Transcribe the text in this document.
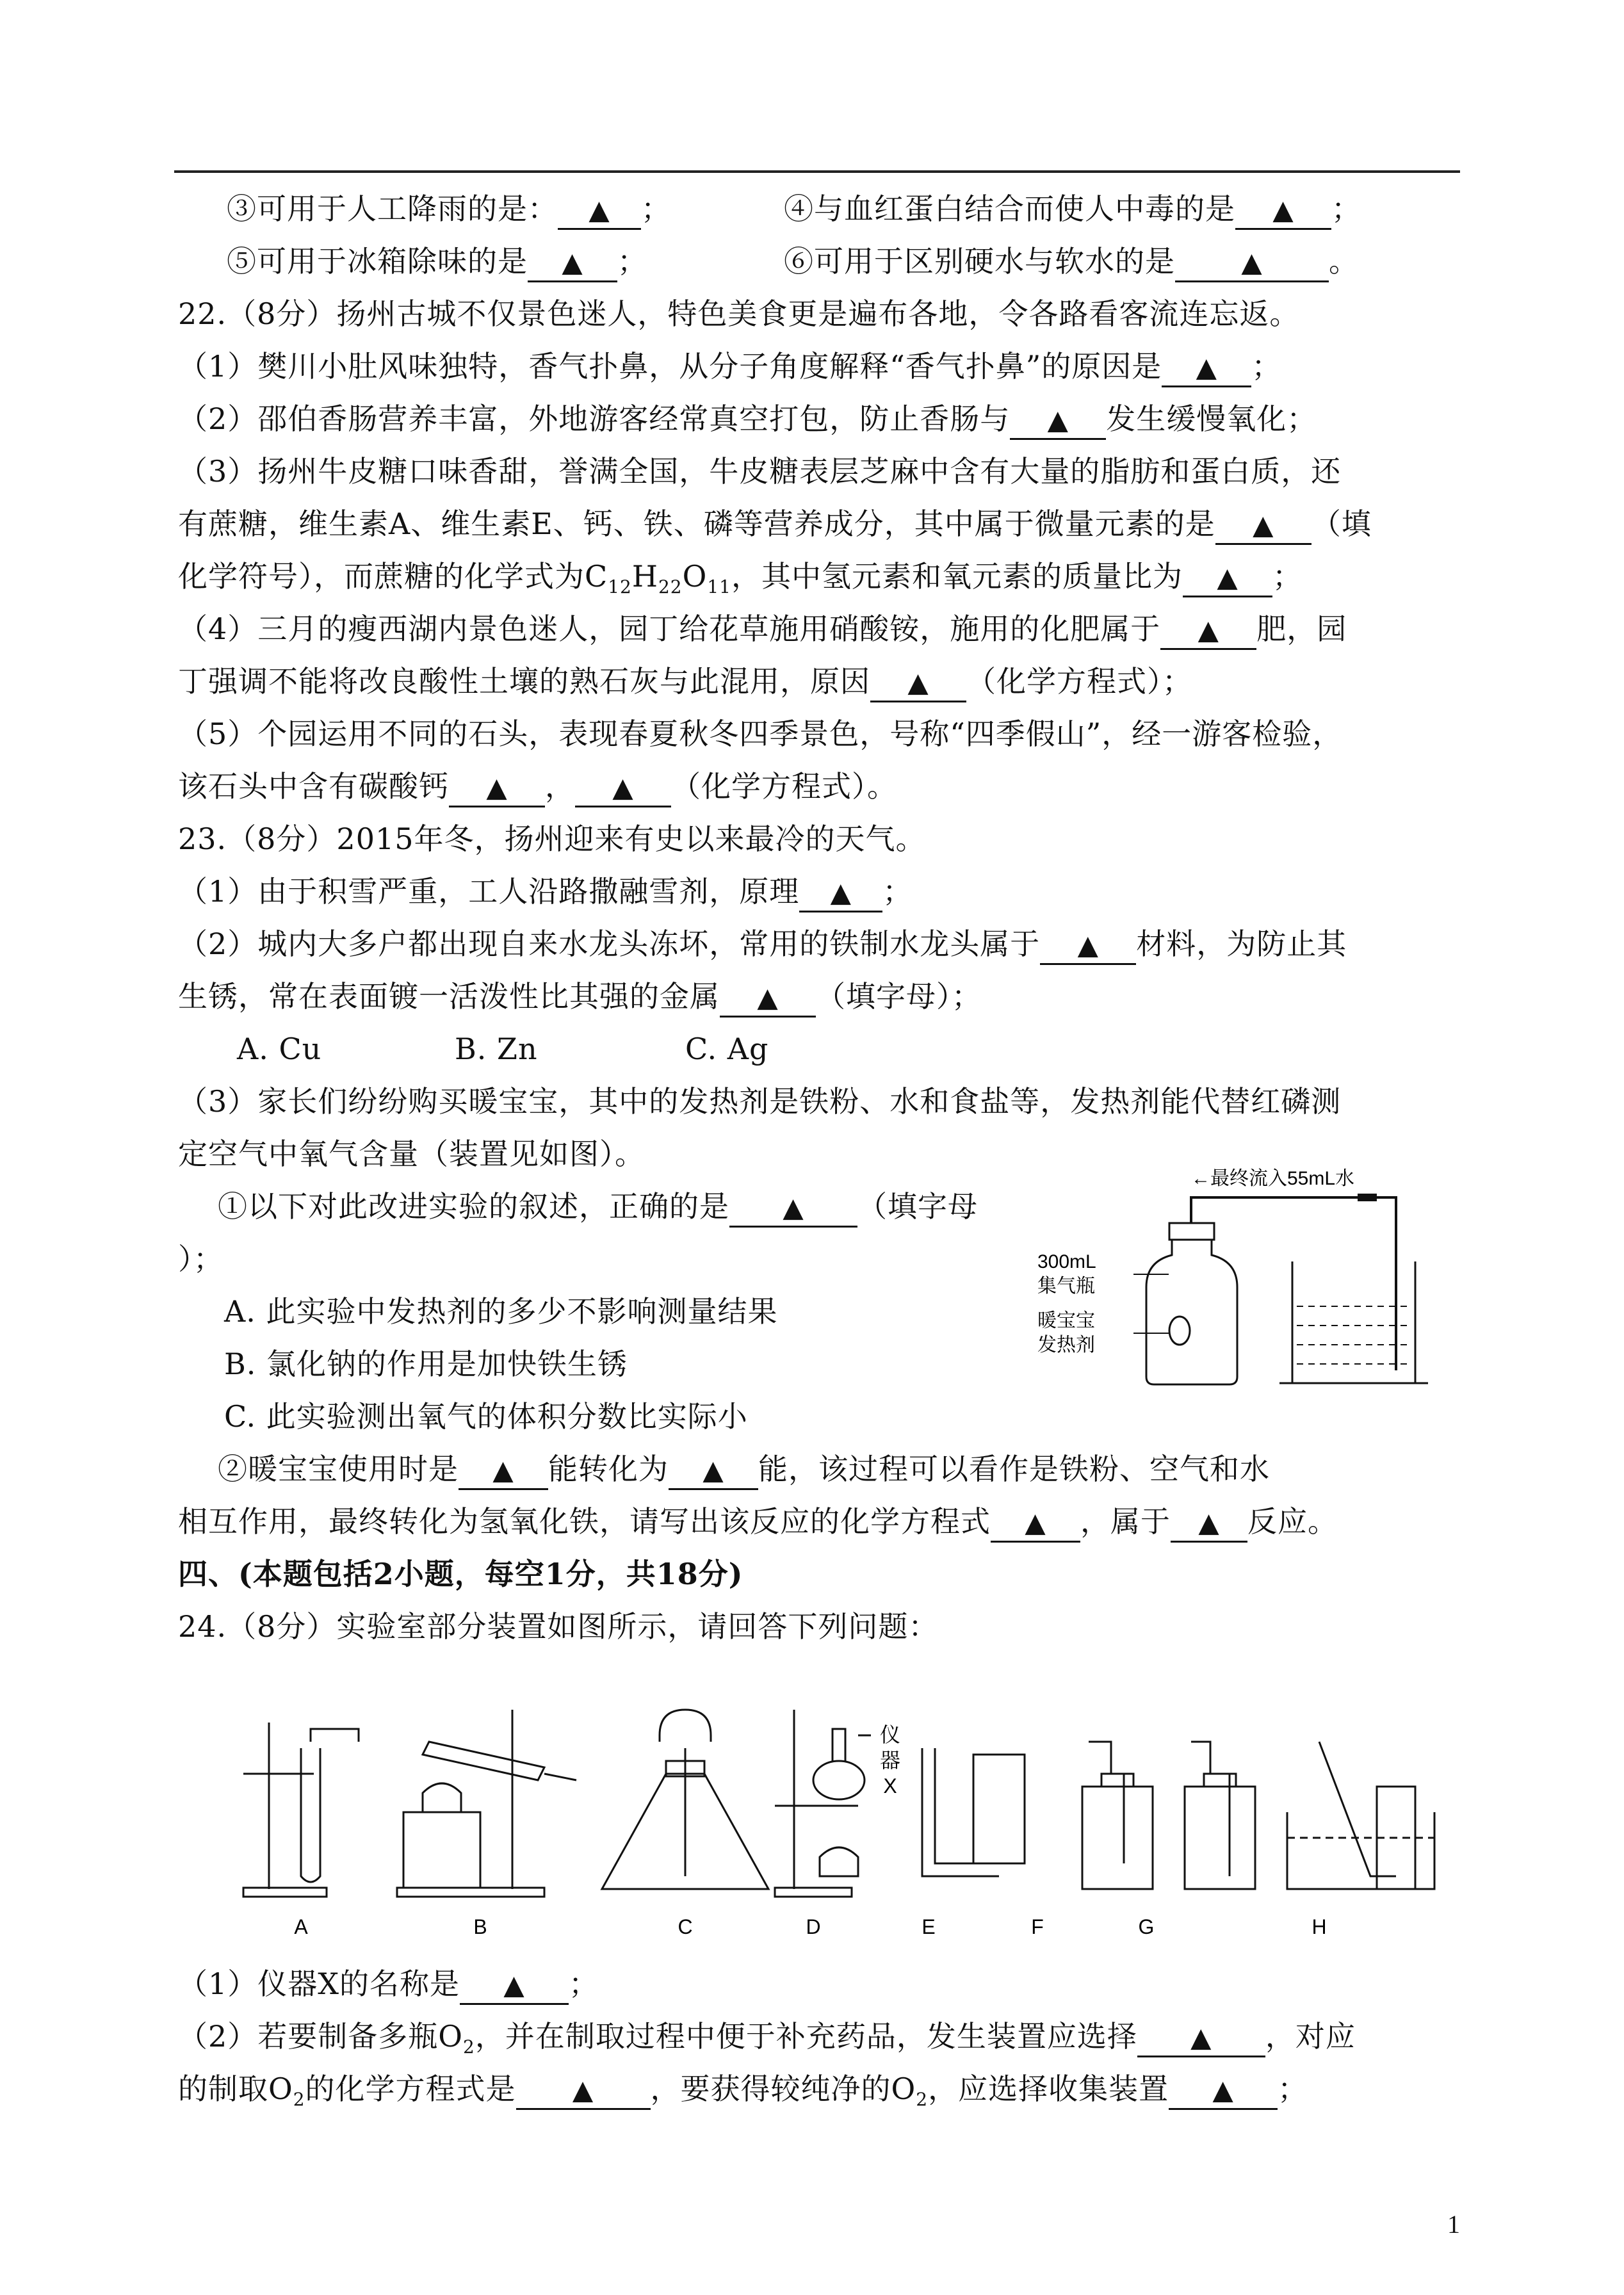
③可用于人工降雨的是： ▲ ；	④与血红蛋白结合而使人中毒的是 ▲ ；
⑤可用于冰箱除味的是 ▲ ；	⑥可用于区别硬水与软水的是 ▲ 。
22.（8分）扬州古城不仅景色迷人，特色美食更是遍布各地，令各路看客流连忘返。
（1）樊川小肚风味独特，香气扑鼻，从分子角度解释“香气扑鼻”的原因是 ▲ ；
（2）邵伯香肠营养丰富，外地游客经常真空打包，防止香肠与 ▲ 发生缓慢氧化；
（3）扬州牛皮糖口味香甜，誉满全国，牛皮糖表层芝麻中含有大量的脂肪和蛋白质，还
有蔗糖，维生素A、维生素E、钙、铁、磷等营养成分，其中属于微量元素的是 ▲ （填
化学符号），而蔗糖的化学式为$C_{12}H_{22}O_{11}$，其中氢元素和氧元素的质量比为 ▲ ；
（4）三月的瘦西湖内景色迷人，园丁给花草施用硝酸铵，施用的化肥属于 ▲ 肥，园
丁强调不能将改良酸性土壤的熟石灰与此混用，原因 ▲ （化学方程式）；
（5）个园运用不同的石头，表现春夏秋冬四季景色，号称“四季假山”，经一游客检验，
该石头中含有碳酸钙 ▲ ， ▲ （化学方程式）。
23.（8分）2015年冬，扬州迎来有史以来最冷的天气。
（1）由于积雪严重，工人沿路撒融雪剂，原理 ▲ ；
（2）城内大多户都出现自来水龙头冻坏，常用的铁制水龙头属于 ▲ 材料，为防止其
生锈，常在表面镀一活泼性比其强的金属 ▲ （填字母）；
A. Cu	B. Zn	C. Ag
（3）家长们纷纷购买暖宝宝，其中的发热剂是铁粉、水和食盐等，发热剂能代替红磷测
定空气中氧气含量（装置见如图）。
①以下对此改进实验的叙述，正确的是 ▲ （填字母
）；
A. 此实验中发热剂的多少不影响测量结果
B. 氯化钠的作用是加快铁生锈
C. 此实验测出氧气的体积分数比实际小
②暖宝宝使用时是 ▲ 能转化为 ▲ 能，该过程可以看作是铁粉、空气和水
相互作用，最终转化为氢氧化铁，请写出该反应的化学方程式 ▲ ，属于 ▲ 反应。
四、(本题包括2小题，每空1分，共18分)
24.（8分）实验室部分装置如图所示，请回答下列问题：
（1）仪器X的名称是 ▲ ；
（2）若要制备多瓶$O_2$，并在制取过程中便于补充药品，发生装置应选择 ▲ ，对应
的制取$O_2$的化学方程式是 ▲ ，要获得较纯净的$O_2$，应选择收集装置 ▲ ；
←最终流入55mL水
300mL
集气瓶
暖宝宝
发热剂
A	B	C	D	E	F	G	H
仪
器
X
1
